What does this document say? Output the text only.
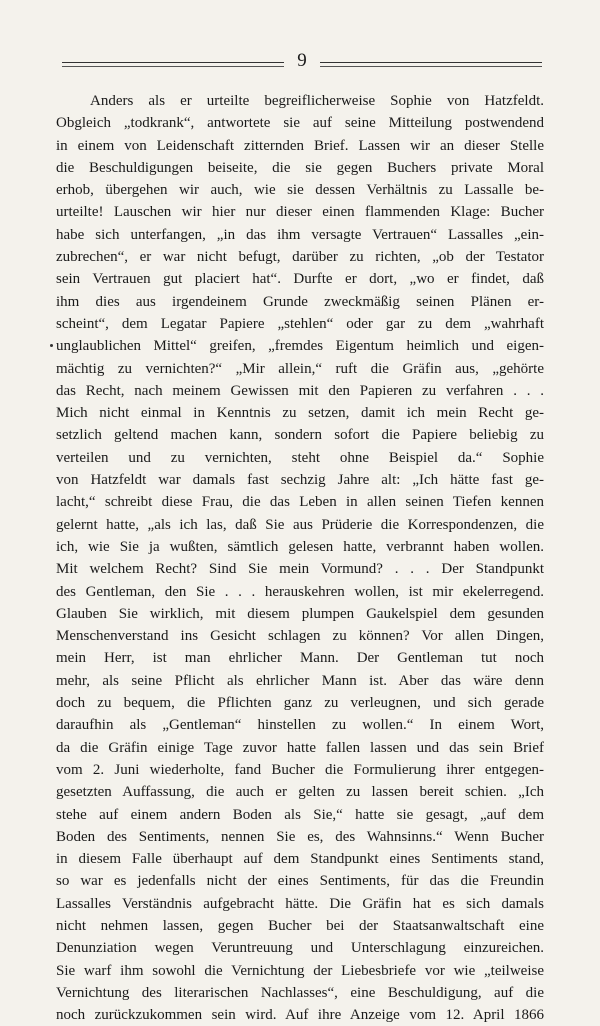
9
Anders als er urteilte begreiflicherweise Sophie von Hatzfeldt.
Obgleich „todkrank“, antwortete sie auf seine Mitteilung postwendend
in einem von Leidenschaft zitternden Brief. Lassen wir an dieser Stelle
die Beschuldigungen beiseite, die sie gegen Buchers private Moral
erhob, übergehen wir auch, wie sie dessen Verhältnis zu Lassalle be-
urteilte! Lauschen wir hier nur dieser einen flammenden Klage: Bucher
habe sich unterfangen, „in das ihm versagte Vertrauen“ Lassalles „ein-
zubrechen“, er war nicht befugt, darüber zu richten, „ob der Testator
sein Vertrauen gut placiert hat“. Durfte er dort, „wo er findet, daß
ihm dies aus irgendeinem Grunde zweckmäßig seinen Plänen er-
scheint“, dem Legatar Papiere „stehlen“ oder gar zu dem „wahrhaft
unglaublichen Mittel“ greifen, „fremdes Eigentum heimlich und eigen-
mächtig zu vernichten?“ „Mir allein,“ ruft die Gräfin aus, „gehörte
das Recht, nach meinem Gewissen mit den Papieren zu verfahren . . .
Mich nicht einmal in Kenntnis zu setzen, damit ich mein Recht ge-
setzlich geltend machen kann, sondern sofort die Papiere beliebig zu
verteilen und zu vernichten, steht ohne Beispiel da.“ Sophie
von Hatzfeldt war damals fast sechzig Jahre alt: „Ich hätte fast ge-
lacht,“ schreibt diese Frau, die das Leben in allen seinen Tiefen kennen
gelernt hatte, „als ich las, daß Sie aus Prüderie die Korrespondenzen, die
ich, wie Sie ja wußten, sämtlich gelesen hatte, verbrannt haben wollen.
Mit welchem Recht? Sind Sie mein Vormund? . . . Der Standpunkt
des Gentleman, den Sie . . . herauskehren wollen, ist mir ekelerregend.
Glauben Sie wirklich, mit diesem plumpen Gaukelspiel dem gesunden
Menschenverstand ins Gesicht schlagen zu können? Vor allen Dingen,
mein Herr, ist man ehrlicher Mann. Der Gentleman tut noch
mehr, als seine Pflicht als ehrlicher Mann ist. Aber das wäre denn
doch zu bequem, die Pflichten ganz zu verleugnen, und sich gerade
daraufhin als „Gentleman“ hinstellen zu wollen.“ In einem Wort,
da die Gräfin einige Tage zuvor hatte fallen lassen und das sein Brief
vom 2. Juni wiederholte, fand Bucher die Formulierung ihrer entgegen-
gesetzten Auffassung, die auch er gelten zu lassen bereit schien. „Ich
stehe auf einem andern Boden als Sie,“ hatte sie gesagt, „auf dem
Boden des Sentiments, nennen Sie es, des Wahnsinns.“ Wenn Bucher
in diesem Falle überhaupt auf dem Standpunkt eines Sentiments stand,
so war es jedenfalls nicht der eines Sentiments, für das die Freundin
Lassalles Verständnis aufgebracht hätte. Die Gräfin hat es sich damals
nicht nehmen lassen, gegen Bucher bei der Staatsanwaltschaft eine
Denunziation wegen Veruntreuung und Unterschlagung einzureichen.
Sie warf ihm sowohl die Vernichtung der Liebesbriefe vor wie „teilweise
Vernichtung des literarischen Nachlasses“, eine Beschuldigung, auf die
noch zurückzukommen sein wird. Auf ihre Anzeige vom 12. April 1866
